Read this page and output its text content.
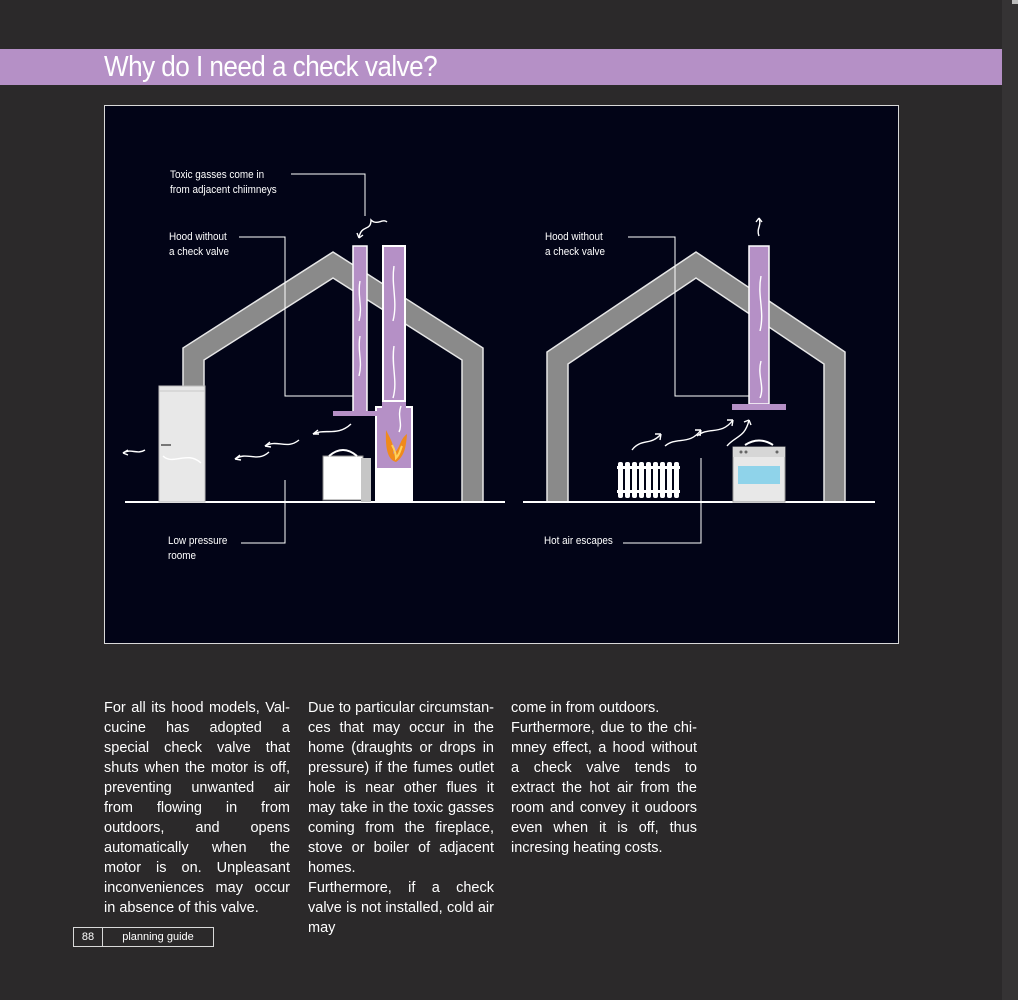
Why do I need a check valve?
Toxic gasses come in
from adjacent chiimneys
Hood without
a check valve
Low pressure
roome
Hood without
a check valve
Hot air escapes

For all its hood models, Valcucine has adopted a special check valve that shuts when the motor is off, preventing unwanted air from flowing in from outdoors, and opens automatically when the motor is on. Unpleasant inconveniences may occur in absence of this valve.

Due to particular circumstances that may occur in the home (draughts or drops in pressure) if the fumes outlet hole is near other flues it may take in the toxic gasses coming from the fireplace, stove or boiler of adjacent homes.

Furthermore, if a check valve is not installed, cold air may

come in from outdoors.

Furthermore, due to the chimney effect, a hood without a check valve tends to extract the hot air from the room and convey it oudoors even when it is off, thus incresing heating costs.

88	planning guide
